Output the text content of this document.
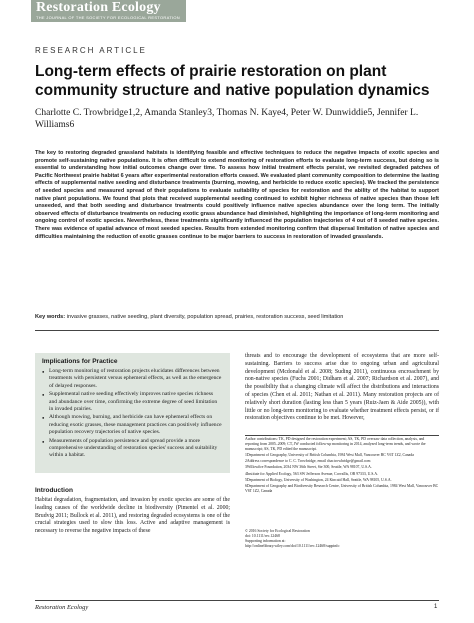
Restoration Ecology
THE JOURNAL OF THE SOCIETY FOR ECOLOGICAL RESTORATION
RESEARCH ARTICLE
Long-term effects of prairie restoration on plant community structure and native population dynamics
Charlotte C. Trowbridge1,2, Amanda Stanley3, Thomas N. Kaye4, Peter W. Dunwiddie5, Jennifer L. Williams6
The key to restoring degraded grassland habitats is identifying feasible and effective techniques to reduce the negative impacts of exotic species and promote self-sustaining native populations. It is often difficult to extend monitoring of restoration efforts to evaluate long-term success, but doing so is essential to understanding how initial outcomes change over time. To assess how initial treatment effects persist, we revisited degraded patches of Pacific Northwest prairie habitat 6 years after experimental restoration efforts ceased. We evaluated plant community composition to determine the lasting effects of supplemental native seeding and disturbance treatments (burning, mowing, and herbicide to reduce exotic species). We tracked the persistence of seeded species and measured spread of their populations to evaluate suitability of species for restoration and the ability of the habitat to support native plant populations. We found that plots that received supplemental seeding continued to exhibit higher richness of native species than those left unseeded, and that both seeding and disturbance treatments could positively influence native species abundance over the long term. The initially observed effects of disturbance treatments on reducing exotic grass abundance had diminished, highlighting the importance of long-term monitoring and ongoing control of exotic species. Nevertheless, these treatments significantly influenced the population trajectories of 4 out of 8 seeded native species. There was evidence of spatial advance of most seeded species. Results from extended monitoring confirm that dispersal limitation of native species and difficulties maintaining the reduction of exotic grasses continue to be major barriers to success in restoration of invaded grasslands.
Key words: invasive grasses, native seeding, plant diversity, population spread, prairies, restoration success, seed limitation
Implications for Practice
● Long-term monitoring of restoration projects elucidates differences between treatments with persistent versus ephemeral effects, as well as the emergence of delayed responses.
● Supplemental native seeding effectively improves native species richness and abundance over time, confirming the extreme degree of seed limitation in invaded prairies.
● Although mowing, burning, and herbicide can have ephemeral effects on reducing exotic grasses, these management practices can positively influence population recovery trajectories of native species.
● Measurements of population persistence and spread provide a more comprehensive understanding of restoration species' success and suitability within a habitat.
Introduction
Habitat degradation, fragmentation, and invasion by exotic species are some of the leading causes of the worldwide decline in biodiversity (Pimentel et al. 2000; Brudvig 2011; Bullock et al. 2011), and restoring degraded ecosystems is one of the crucial strategies used to slow this loss. Active and adaptive management is necessary to reverse the negative impacts of these
threats and to encourage the development of ecosystems that are more self-sustaining. Barriers to success arise due to ongoing urban and agricultural development (Mcdonald et al. 2008; Suding 2011), continuous encroachment by non-native species (Fuchs 2001; Didham et al. 2007; Richardson et al. 2007), and the possibility that a changing climate will affect the distributions and interactions of species (Chen et al. 2011; Nathan et al. 2011). Many restoration projects are of relatively short duration (lasting less than 5 years (Ruiz-Jaen & Aide 2005)), with little or no long-term monitoring to evaluate whether treatment effects persist, or if restoration objectives continue to be met. However,

Author contributions: TK, PD designed the restoration experiment; AS, TK, PD oversaw data collection, analysis, and reporting from 2005–2009; CT, JW conducted follow-up monitoring in 2014, analyzed long-term trends, and wrote the manuscript; AS, TK, PD edited the manuscript.

1Department of Geography, University of British Columbia, 1984 West Mall, Vancouver BC V6T 1Z2, Canada

2Address correspondence to C. C. Trowbridge, email char.trowbridge@gmail.com

3Willowfire Foundation, 2034 NW 36th Street, Ste 300, Seattle, WA 98107, U.S.A.

4Institute for Applied Ecology, 563 SW Jefferson Avenue, Corvallis, OR 97333, U.S.A.

5Department of Biology, University of Washington, 24 Kincaid Hall, Seattle, WA 98105, U.S.A.

6Department of Geography and Biodiversity Research Centre, University of British Columbia, 1984 West Mall, Vancouver BC V6T 1Z2, Canada

© 2016 Society for Ecological Restoration
doi: 10.1111/rec.12468
Supporting information at:
http://onlinelibrary.wiley.com/doi/10.1111/rec.12468/suppinfo
Restoration Ecology	1
